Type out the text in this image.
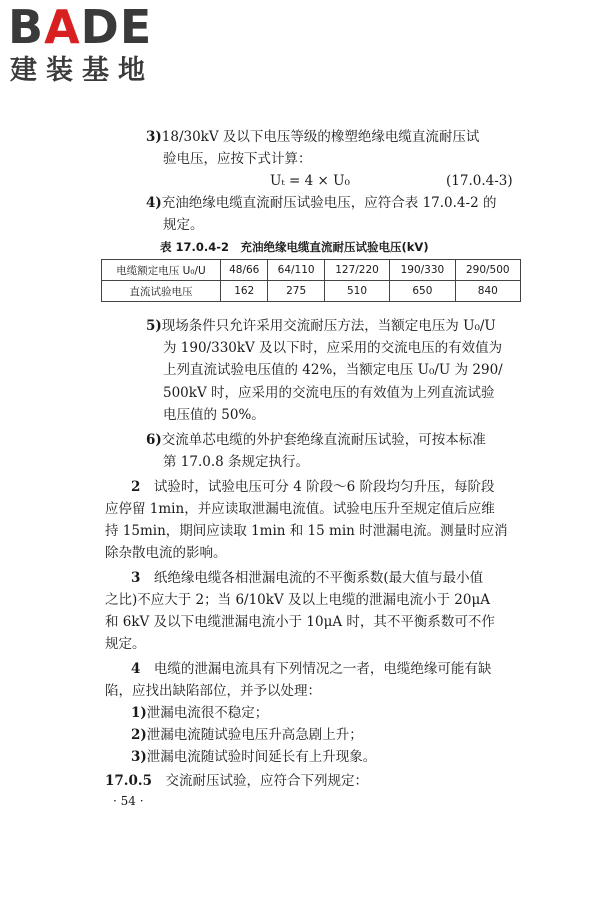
BADE
建装基地
3)18/30kV 及以下电压等级的橡塑绝缘电缆直流耐压试
验电压，应按下式计算：
Uₜ = 4 × U₀	(17.0.4-3)
4)充油绝缘电缆直流耐压试验电压，应符合表 17.0.4-2 的
规定。
表 17.0.4-2　充油绝缘电缆直流耐压试验电压(kV)
电缆额定电压 U₀/U	48/66	64/110	127/220	190/330	290/500
直流试验电压	162	275	510	650	840
5)现场条件只允许采用交流耐压方法，当额定电压为 U₀/U
为 190/330kV 及以下时，应采用的交流电压的有效值为
上列直流试验电压值的 42%，当额定电压 U₀/U 为 290/
500kV 时，应采用的交流电压的有效值为上列直流试验
电压值的 50%。
6)交流单芯电缆的外护套绝缘直流耐压试验，可按本标准
第 17.0.8 条规定执行。
2　 试验时，试验电压可分 4 阶段～6 阶段均匀升压，每阶段
应停留 1min，并应读取泄漏电流值。试验电压升至规定值后应维
持 15min，期间应读取 1min 和 15 min 时泄漏电流。测量时应消
除杂散电流的影响。
3　 纸绝缘电缆各相泄漏电流的不平衡系数(最大值与最小值
之比)不应大于 2；当 6/10kV 及以上电缆的泄漏电流小于 20μA
和 6kV 及以下电缆泄漏电流小于 10μA 时，其不平衡系数可不作
规定。
4　 电缆的泄漏电流具有下列情况之一者，电缆绝缘可能有缺
陷，应找出缺陷部位，并予以处理：
1)泄漏电流很不稳定；
2)泄漏电流随试验电压升高急剧上升；
3)泄漏电流随试验时间延长有上升现象。
17.0.5　 交流耐压试验，应符合下列规定：
· 54 ·
